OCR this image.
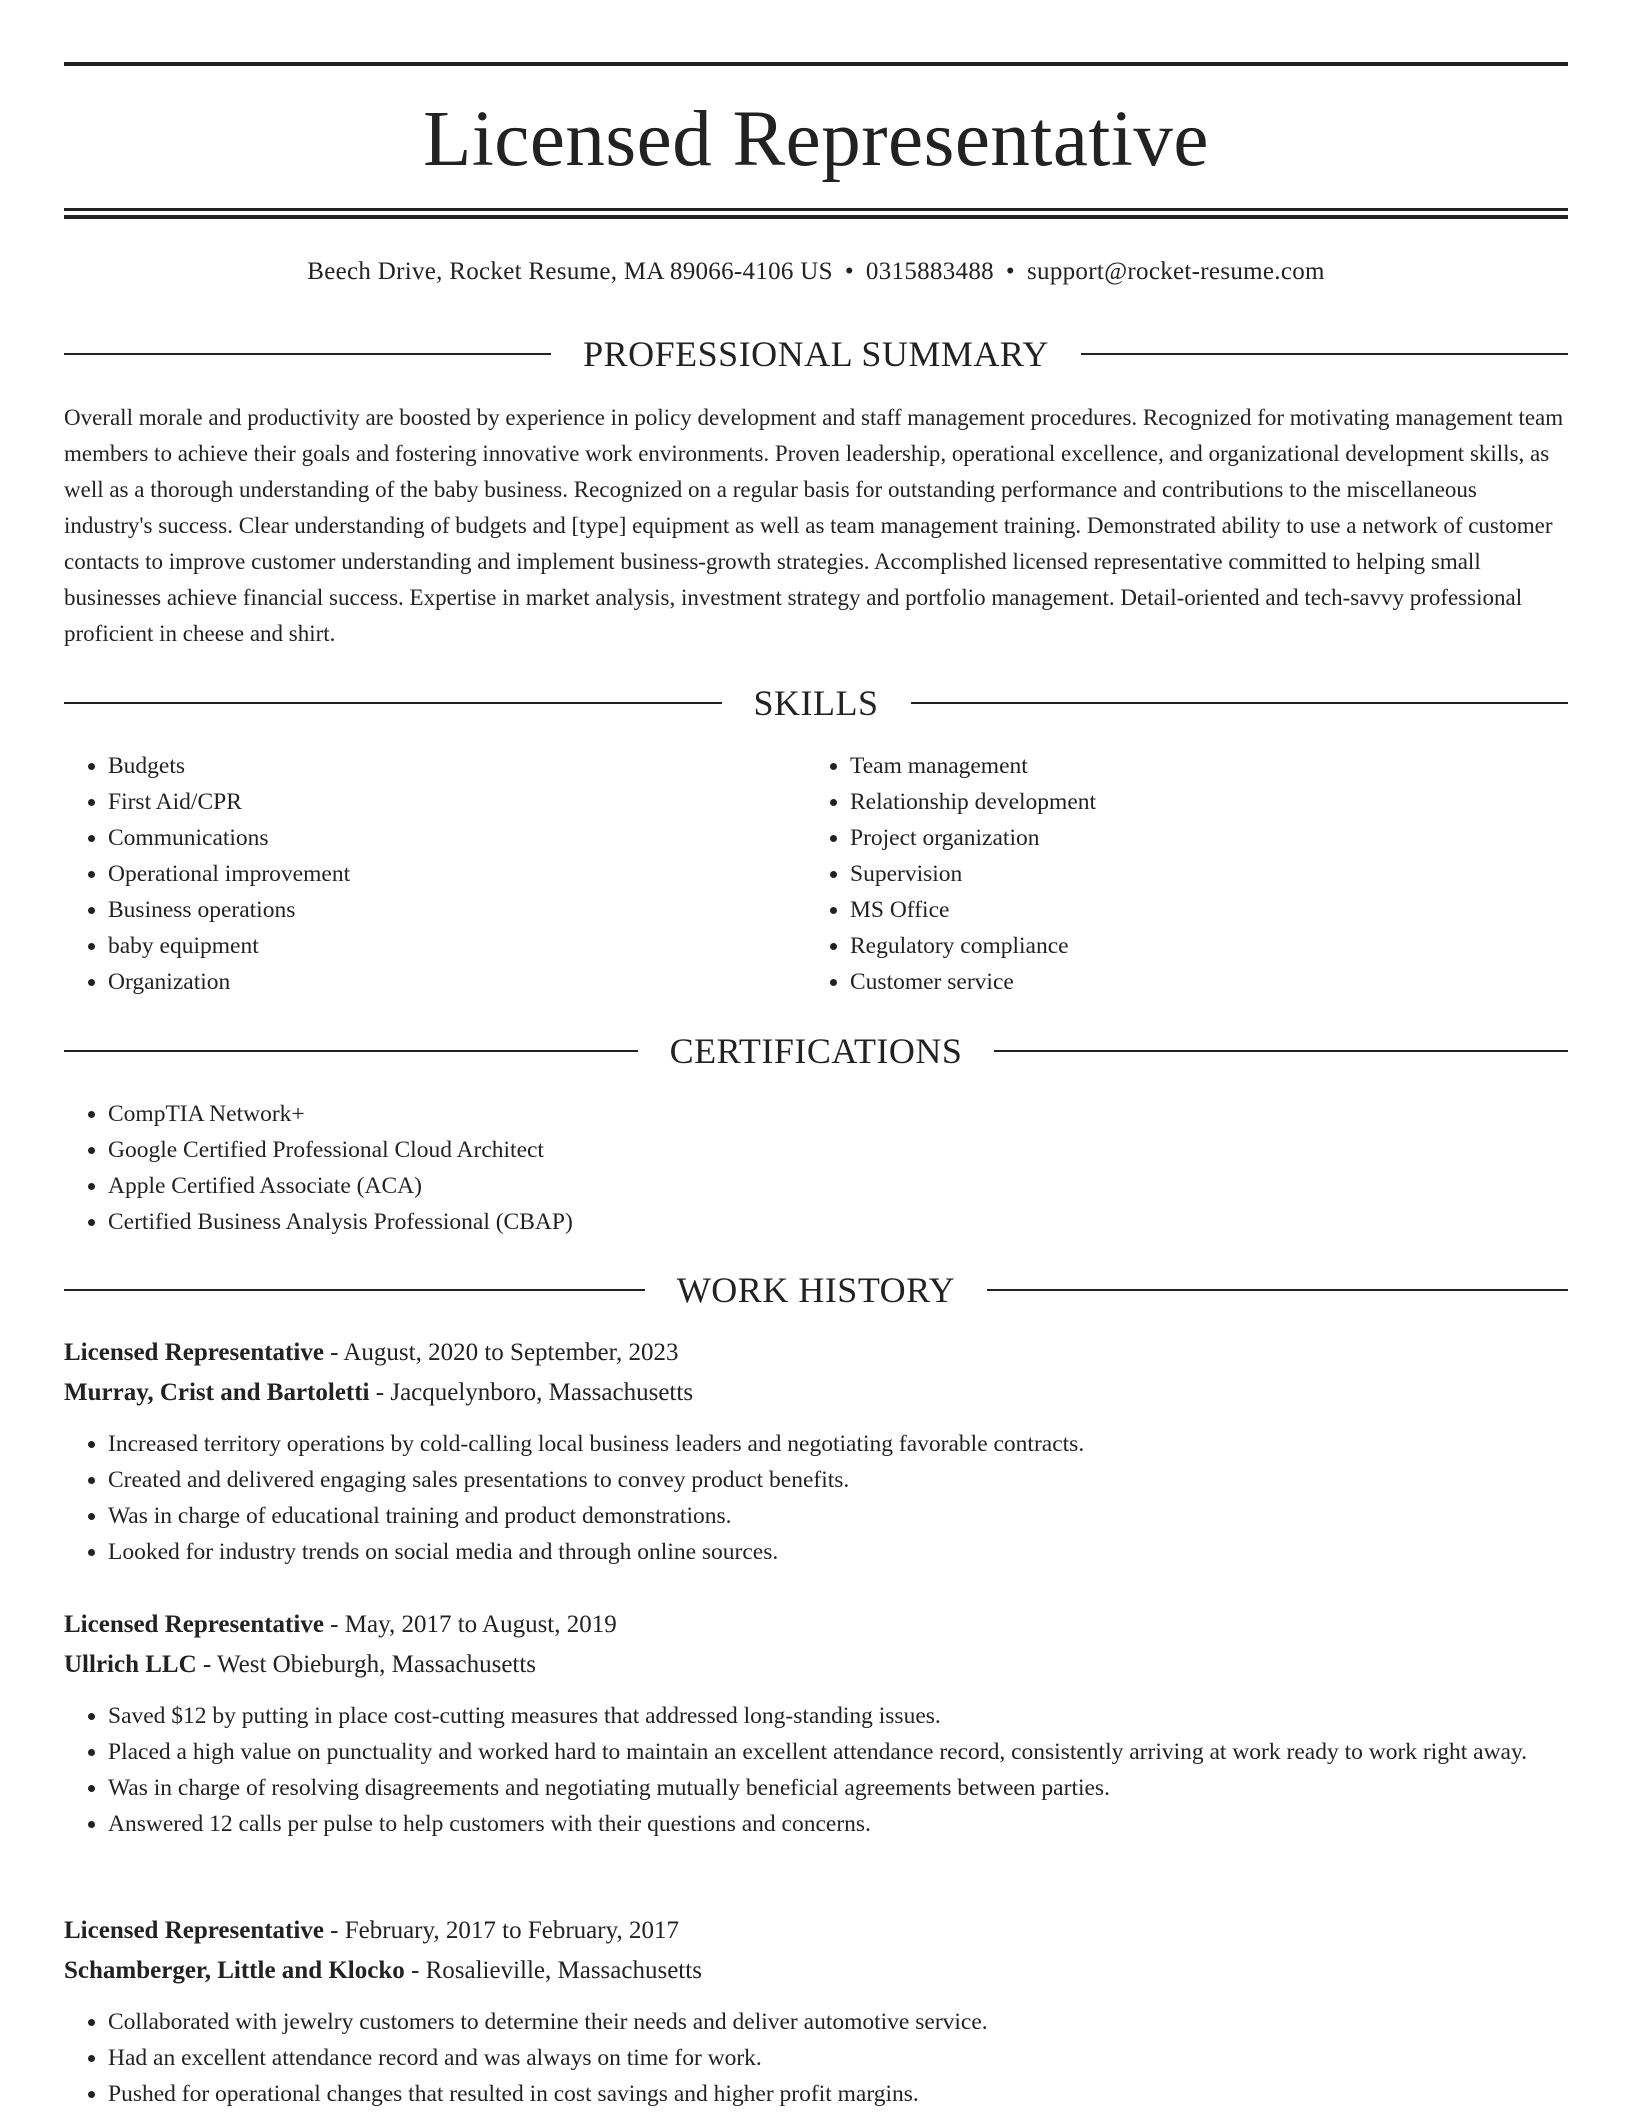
Licensed Representative
Beech Drive, Rocket Resume, MA 89066-4106 US • 0315883488 • support@rocket-resume.com
PROFESSIONAL SUMMARY

Overall morale and productivity are boosted by experience in policy development and staff management procedures. Recognized for motivating management team members to achieve their goals and fostering innovative work environments. Proven leadership, operational excellence, and organizational development skills, as well as a thorough understanding of the baby business. Recognized on a regular basis for outstanding performance and contributions to the miscellaneous industry's success. Clear understanding of budgets and [type] equipment as well as team management training. Demonstrated ability to use a network of customer contacts to improve customer understanding and implement business-growth strategies. Accomplished licensed representative committed to helping small businesses achieve financial success. Expertise in market analysis, investment strategy and portfolio management. Detail-oriented and tech-savvy professional proficient in cheese and shirt.

SKILLS
• Budgets
• First Aid/CPR
• Communications
• Operational improvement
• Business operations
• baby equipment
• Organization
• Team management
• Relationship development
• Project organization
• Supervision
• MS Office
• Regulatory compliance
• Customer service
CERTIFICATIONS
• CompTIA Network+
• Google Certified Professional Cloud Architect
• Apple Certified Associate (ACA)
• Certified Business Analysis Professional (CBAP)
WORK HISTORY

Licensed Representative - August, 2020 to September, 2023

Murray, Crist and Bartoletti - Jacquelynboro, Massachusetts

• Increased territory operations by cold-calling local business leaders and negotiating favorable contracts.
• Created and delivered engaging sales presentations to convey product benefits.
• Was in charge of educational training and product demonstrations.
• Looked for industry trends on social media and through online sources.

Licensed Representative - May, 2017 to August, 2019

Ullrich LLC - West Obieburgh, Massachusetts

• Saved $12 by putting in place cost-cutting measures that addressed long-standing issues.
• Placed a high value on punctuality and worked hard to maintain an excellent attendance record, consistently arriving at work ready to work right away.
• Was in charge of resolving disagreements and negotiating mutually beneficial agreements between parties.
• Answered 12 calls per pulse to help customers with their questions and concerns.

Licensed Representative - February, 2017 to February, 2017

Schamberger, Little and Klocko - Rosalieville, Massachusetts

• Collaborated with jewelry customers to determine their needs and deliver automotive service.
• Had an excellent attendance record and was always on time for work.
• Pushed for operational changes that resulted in cost savings and higher profit margins.
